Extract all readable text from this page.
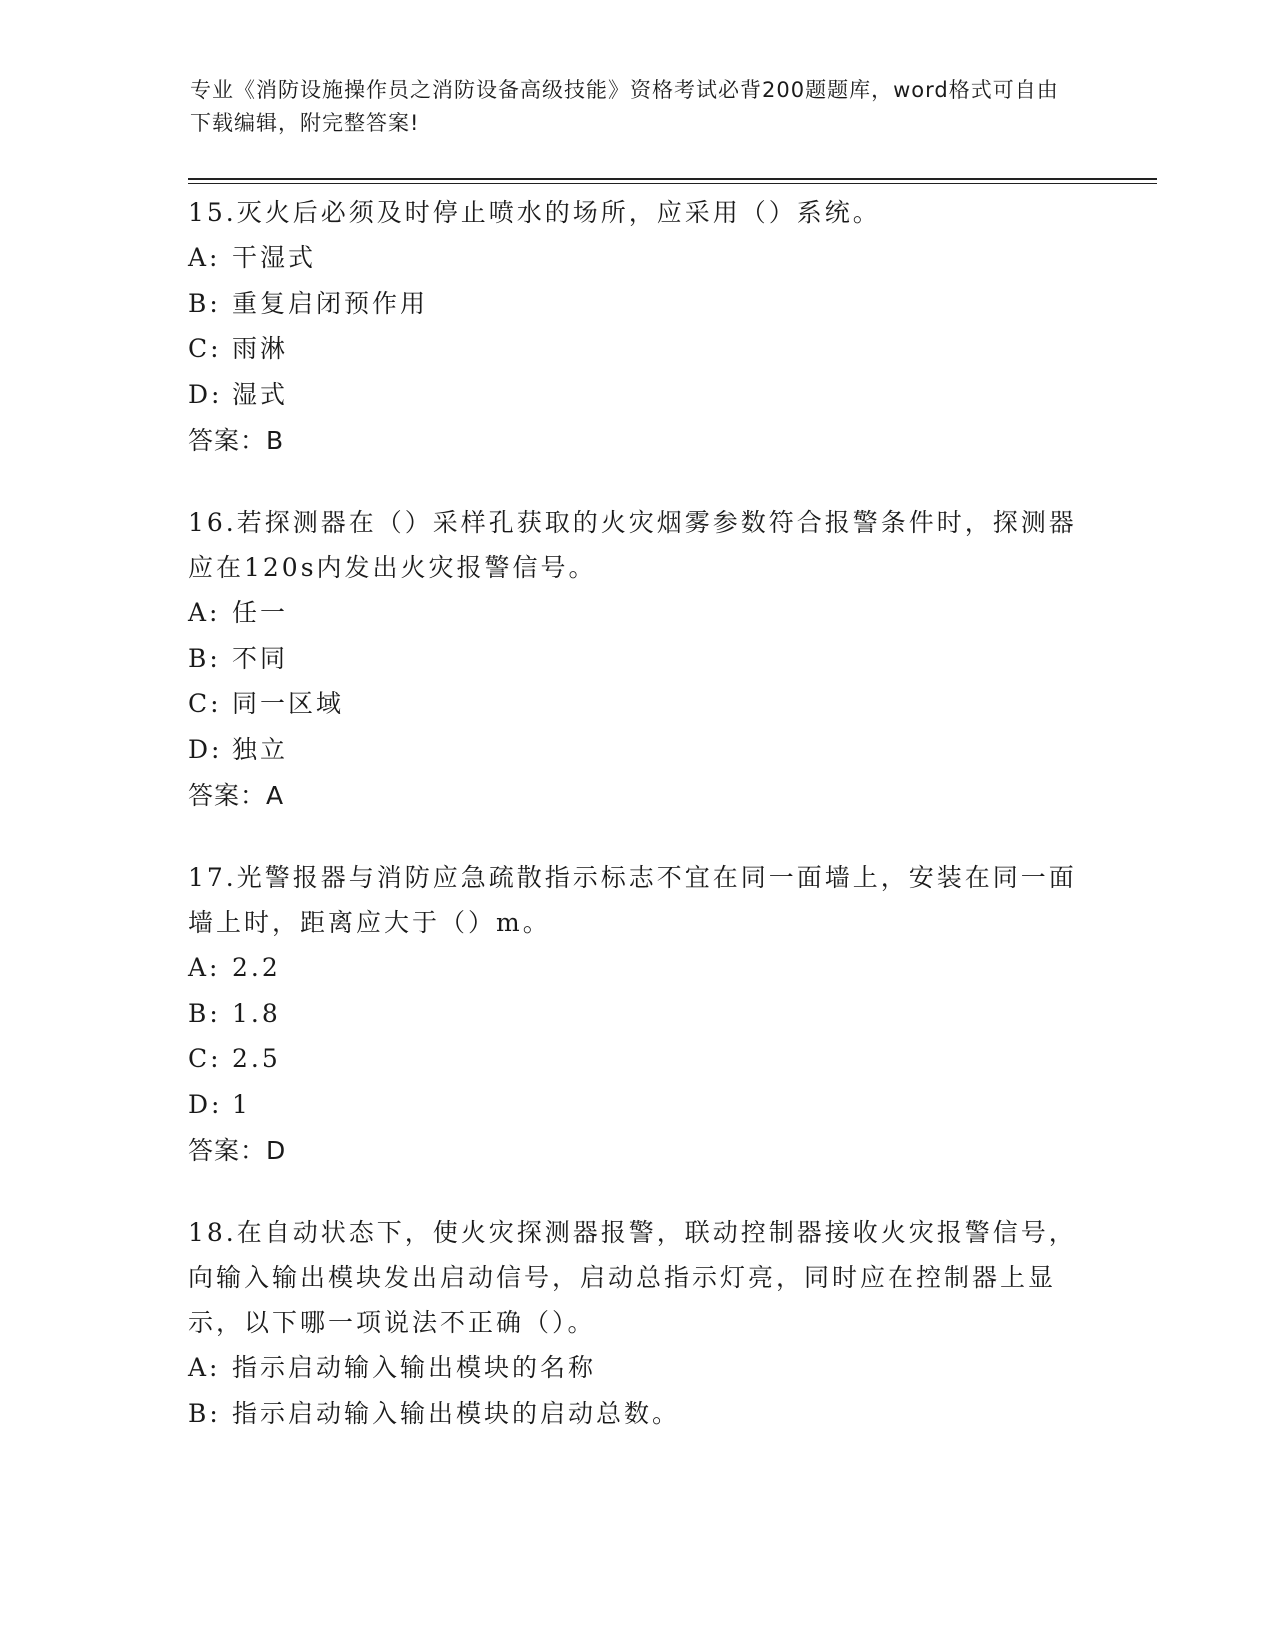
专业《消防设施操作员之消防设备高级技能》资格考试必背200题题库，word格式可自由下载编辑，附完整答案!

15.灭火后必须及时停止喷水的场所，应采用（）系统。

A: 干湿式

B: 重复启闭预作用

C: 雨淋

D: 湿式

答案：B

16.若探测器在（）采样孔获取的火灾烟雾参数符合报警条件时，探测器应在120s内发出火灾报警信号。

A: 任一

B: 不同

C: 同一区域

D: 独立

答案：A

17.光警报器与消防应急疏散指示标志不宜在同一面墙上，安装在同一面墙上时，距离应大于（）m。

A: 2.2

B: 1.8

C: 2.5

D: 1

答案：D

18.在自动状态下，使火灾探测器报警，联动控制器接收火灾报警信号，向输入输出模块发出启动信号，启动总指示灯亮，同时应在控制器上显示，以下哪一项说法不正确（）。

A: 指示启动输入输出模块的名称

B: 指示启动输入输出模块的启动总数。
